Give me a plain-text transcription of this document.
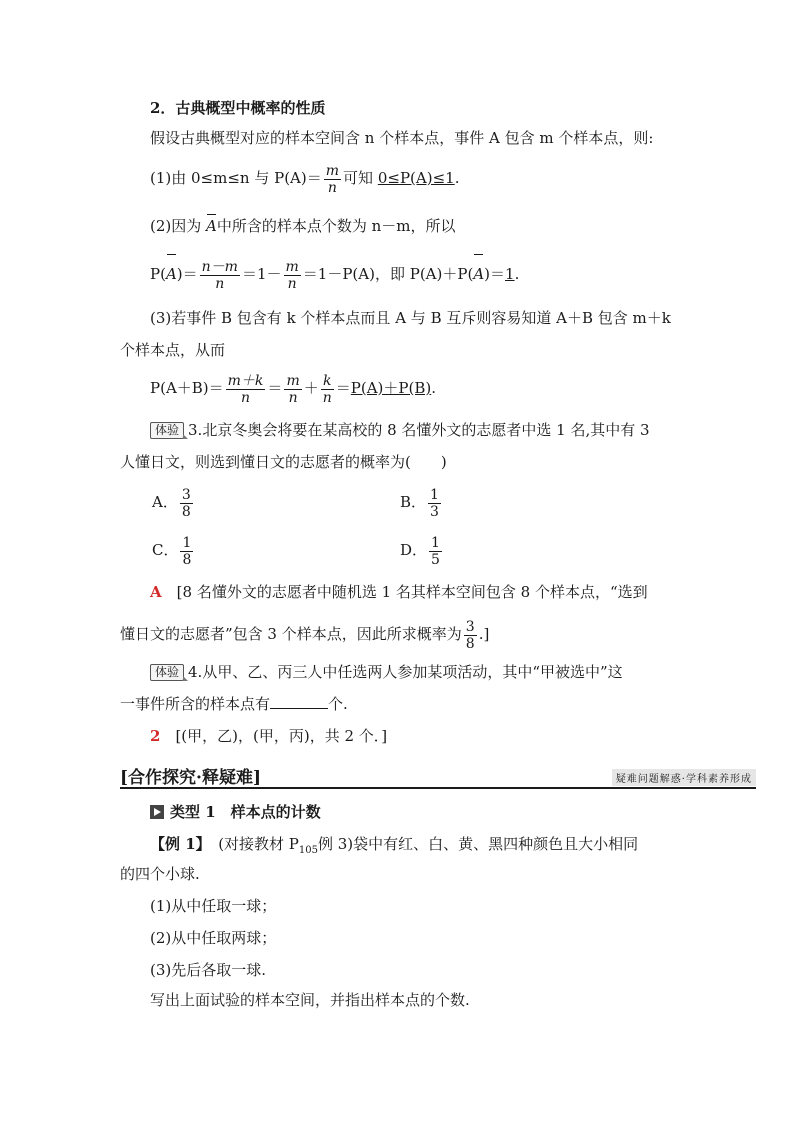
2．古典概型中概率的性质
假设古典概型对应的样本空间含 n 个样本点，事件 A 包含 m 个样本点，则:
(1)由 0≤m≤n 与 $P(A)= \frac{m}{n}$ 可知 0≤P(A)≤1.
(2)因为 A中所含的样本点个数为 n－m，所以
$P(A)= \frac{n-m}{n} =1- \frac{m}{n} =1-P(A)$，即 P(A)＋P(A)＝1.
(3)若事件 B 包含有 k 个样本点而且 A 与 B 互斥则容易知道 A＋B 包含 m＋k
个样本点，从而
$P(A+B)= \frac{m+k}{n} = \frac{m}{n} + \frac{k}{n} =P(A)+P(B)$.
体验 3.北京冬奥会将要在某高校的 8 名懂外文的志愿者中选 1 名,其中有 3
人懂日文，则选到懂日文的志愿者的概率为(　　)
A． $\frac{3}{8}$	B． $\frac{1}{3}$
C． $\frac{1}{8}$	D． $\frac{1}{5}$
A　 [8 名懂外文的志愿者中随机选 1 名其样本空间包含 8 个样本点，“选到
懂日文的志愿者”包含 3 个样本点，因此所求概率为 $\frac{3}{8}$ .]
体验 4.从甲、乙、丙三人中任选两人参加某项活动，其中“甲被选中”这
一事件所含的样本点有	个.
2　 [(甲，乙)，(甲，丙)，共 2 个．]
[合作探究·释疑难]	疑难问题解惑·学科素养形成
类型 1　样本点的计数
【例 1】　 (对接教材 $P_{105}$例 3)袋中有红、白、黄、黑四种颜色且大小相同
的四个小球.
(1)从中任取一球；
(2)从中任取两球；
(3)先后各取一球.
写出上面试验的样本空间，并指出样本点的个数.
